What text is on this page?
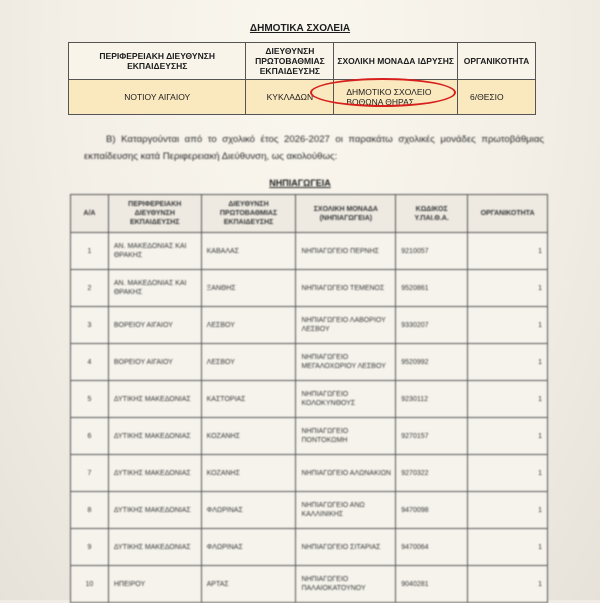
ΔΗΜΟΤΙΚΑ ΣΧΟΛΕΙΑ
ΠΕΡΙΦΕΡΕΙΑΚΗ ΔΙΕΥΘΥΝΣΗ ΕΚΠΑΙΔΕΥΣΗΣ	ΔΙΕΥΘΥΝΣΗ ΠΡΩΤΟΒΑΘΜΙΑΣ ΕΚΠΑΙΔΕΥΣΗΣ	ΣΧΟΛΙΚΗ ΜΟΝΑΔΑ ΙΔΡΥΣΗΣ	ΟΡΓΑΝΙΚΟΤΗΤΑ
ΝΟΤΙΟΥ ΑΙΓΑΙΟΥ	ΚΥΚΛΑΔΩΝ	ΔΗΜΟΤΙΚΟ ΣΧΟΛΕΙΟ ΒΟΘΩΝΑ ΘΗΡΑΣ	6/ΘΕΣΙΟ
Β) Καταργούνται από το σχολικό έτος 2026-2027 οι παρακάτω σχολικές μονάδες πρωτοβάθμιας εκπαίδευσης κατά Περιφερειακή Διεύθυνση, ως ακολούθως:
ΝΗΠΙΑΓΩΓΕΙΑ
Α/Α	ΠΕΡΙΦΕΡΕΙΑΚΗ ΔΙΕΥΘΥΝΣΗ ΕΚΠΑΙΔΕΥΣΗΣ	ΔΙΕΥΘΥΝΣΗ ΠΡΩΤΟΒΑΘΜΙΑΣ ΕΚΠΑΙΔΕΥΣΗΣ	ΣΧΟΛΙΚΗ ΜΟΝΑΔΑ (ΝΗΠΙΑΓΩΓΕΙΑ)	ΚΩΔΙΚΟΣ Υ.ΠΑΙ.Θ.Α.	ΟΡΓΑΝΙΚΟΤΗΤΑ
1	ΑΝ. ΜΑΚΕΔΟΝΙΑΣ ΚΑΙ ΘΡΑΚΗΣ	ΚΑΒΑΛΑΣ	ΝΗΠΙΑΓΩΓΕΙΟ ΠΕΡΝΗΣ	9210057	1
2	ΑΝ. ΜΑΚΕΔΟΝΙΑΣ ΚΑΙ ΘΡΑΚΗΣ	ΞΑΝΘΗΣ	ΝΗΠΙΑΓΩΓΕΙΟ ΤΕΜΕΝΟΣ	9520861	1
3	ΒΟΡΕΙΟΥ ΑΙΓΑΙΟΥ	ΛΕΣΒΟΥ	ΝΗΠΙΑΓΩΓΕΙΟ ΛΑΒΟΡΙΟΥ ΛΕΣΒΟΥ	9330207	1
4	ΒΟΡΕΙΟΥ ΑΙΓΑΙΟΥ	ΛΕΣΒΟΥ	ΝΗΠΙΑΓΩΓΕΙΟ ΜΕΓΑΛΟΧΩΡΙΟΥ ΛΕΣΒΟΥ	9520992	1
5	ΔΥΤΙΚΗΣ ΜΑΚΕΔΟΝΙΑΣ	ΚΑΣΤΟΡΙΑΣ	ΝΗΠΙΑΓΩΓΕΙΟ ΚΟΛΟΚΥΝΘΟΥΣ	9230112	1
6	ΔΥΤΙΚΗΣ ΜΑΚΕΔΟΝΙΑΣ	ΚΟΖΑΝΗΣ	ΝΗΠΙΑΓΩΓΕΙΟ ΠΟΝΤΟΚΩΜΗ	9270157	1
7	ΔΥΤΙΚΗΣ ΜΑΚΕΔΟΝΙΑΣ	ΚΟΖΑΝΗΣ	ΝΗΠΙΑΓΩΓΕΙΟ ΑΛΩΝΑΚΙΩΝ	9270322	1
8	ΔΥΤΙΚΗΣ ΜΑΚΕΔΟΝΙΑΣ	ΦΛΩΡΙΝΑΣ	ΝΗΠΙΑΓΩΓΕΙΟ ΑΝΩ ΚΑΛΛΙΝΙΚΗΣ	9470098	1
9	ΔΥΤΙΚΗΣ ΜΑΚΕΔΟΝΙΑΣ	ΦΛΩΡΙΝΑΣ	ΝΗΠΙΑΓΩΓΕΙΟ ΣΙΤΑΡΙΑΣ	9470064	1
10	ΗΠΕΙΡΟΥ	ΑΡΤΑΣ	ΝΗΠΙΑΓΩΓΕΙΟ ΠΑΛΑΙΟΚΑΤΟΥΝΟΥ	9040281	1
